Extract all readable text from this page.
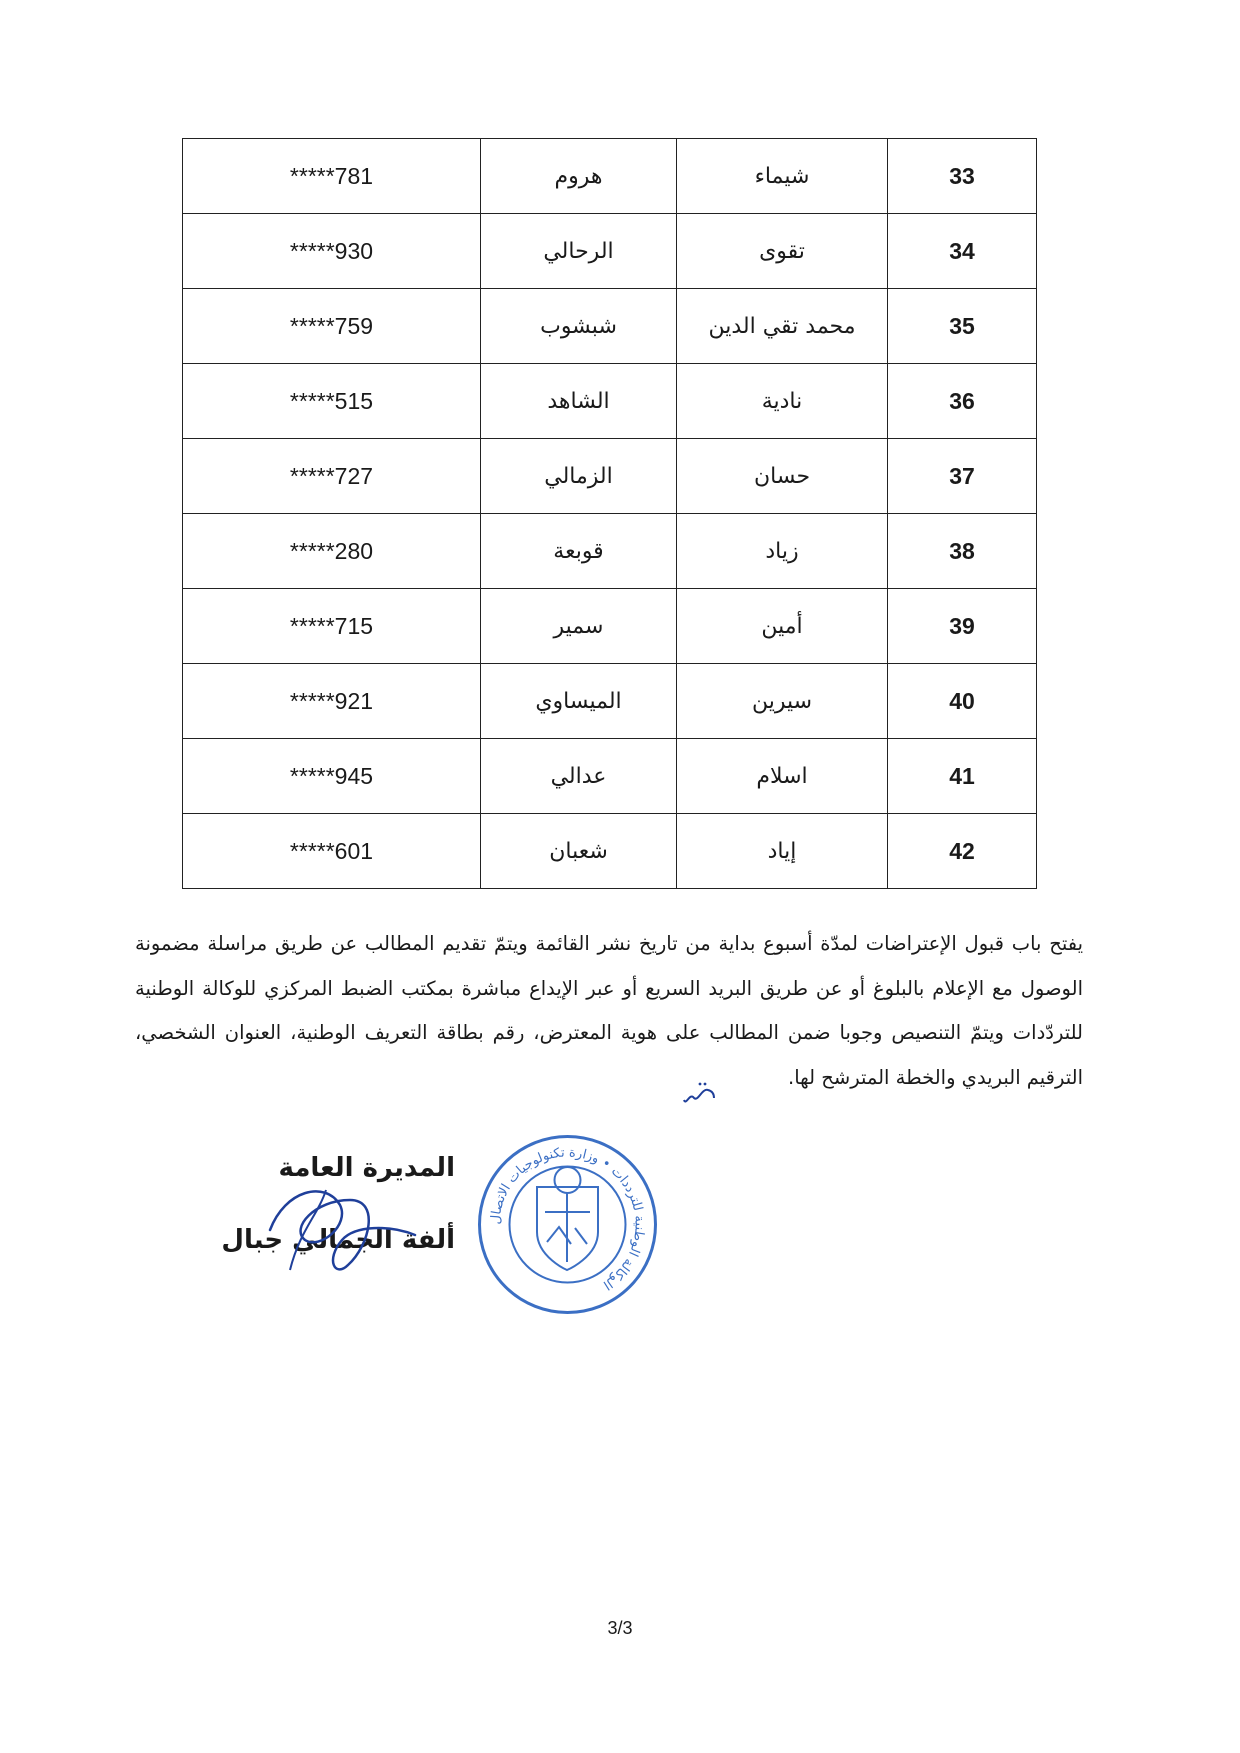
33	شيماء	هروم	*****781
34	تقوى	الرحالي	*****930
35	محمد تقي الدين	شبشوب	*****759
36	نادية	الشاهد	*****515
37	حسان	الزمالي	*****727
38	زياد	قوبعة	*****280
39	أمين	سمير	*****715
40	سيرين	الميساوي	*****921
41	اسلام	عدالي	*****945
42	إياد	شعبان	*****601

يفتح باب قبول الإعتراضات لمدّة أسبوع بداية من تاريخ نشر القائمة ويتمّ تقديم المطالب عن طريق مراسلة مضمونة الوصول مع الإعلام بالبلوغ أو عن طريق البريد السريع أو عبر الإيداع مباشرة بمكتب الضبط المركزي للوكالة الوطنية للتردّدات ويتمّ التنصيص وجوبا ضمن المطالب على هوية المعترض، رقم بطاقة التعريف الوطنية، العنوان الشخصي، الترقيم البريدي والخطة المترشح لها.

المديرة العامة
ألفة الجمالي جبال
الوكالة الوطنية للترددات • وزارة تكنولوجيات الاتصال
3/3
